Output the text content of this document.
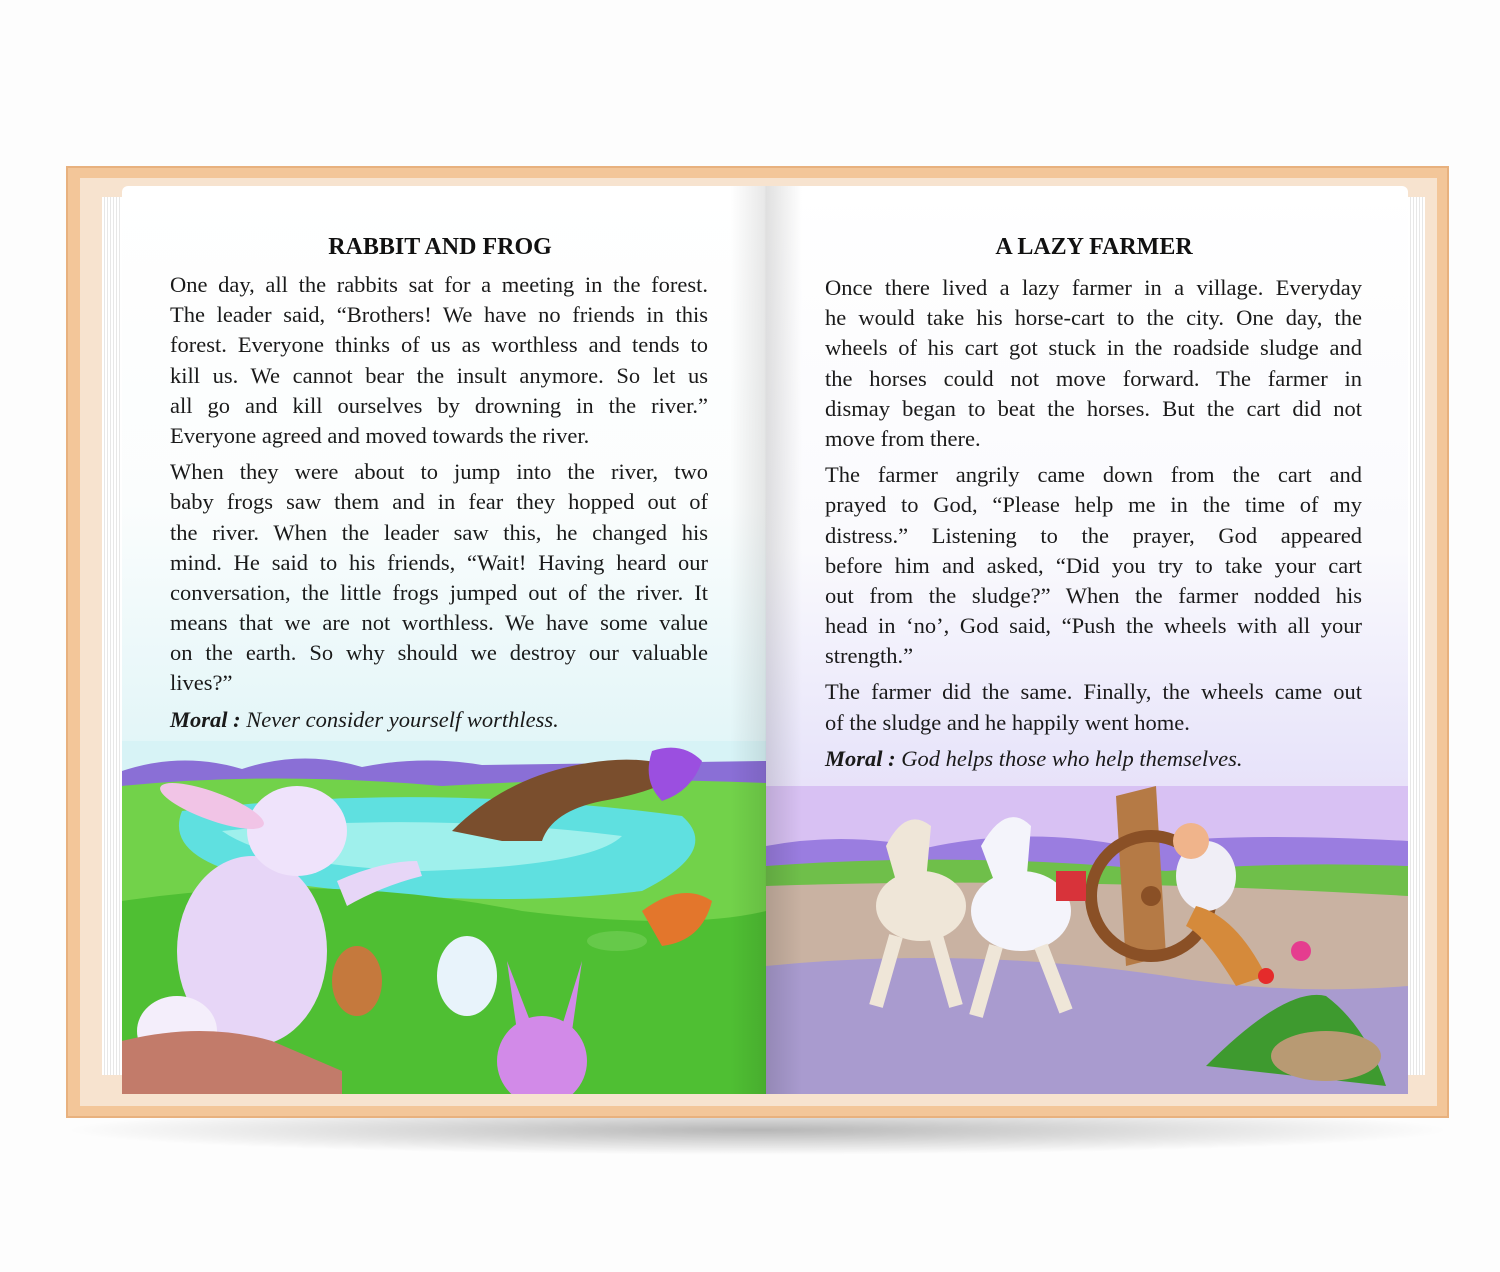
RABBIT AND FROG
One day, all the rabbits sat for a meeting in the forest.
The leader said, “Brothers! We have no friends in this
forest. Everyone thinks of us as worthless and tends to
kill us. We cannot bear the insult anymore. So let us
all go and kill ourselves by drowning in the river.”
Everyone agreed and moved towards the river.
When they were about to jump into the river, two
baby frogs saw them and in fear they hopped out of
the river. When the leader saw this, he changed his
mind. He said to his friends, “Wait! Having heard our
conversation, the little frogs jumped out of the river. It
means that we are not worthless. We have some value
on the earth. So why should we destroy our valuable
lives?”
Moral : Never consider yourself worthless.
A LAZY FARMER
Once there lived a lazy farmer in a village. Everyday
he would take his horse-cart to the city. One day, the
wheels of his cart got stuck in the roadside sludge and
the horses could not move forward. The farmer in
dismay began to beat the horses. But the cart did not
move from there.
The farmer angrily came down from the cart and
prayed to God, “Please help me in the time of my
distress.” Listening to the prayer, God appeared
before him and asked, “Did you try to take your cart
out from the sludge?” When the farmer nodded his
head in ‘no’, God said, “Push the wheels with all your
strength.”
The farmer did the same. Finally, the wheels came out
of the sludge and he happily went home.
Moral : God helps those who help themselves.
